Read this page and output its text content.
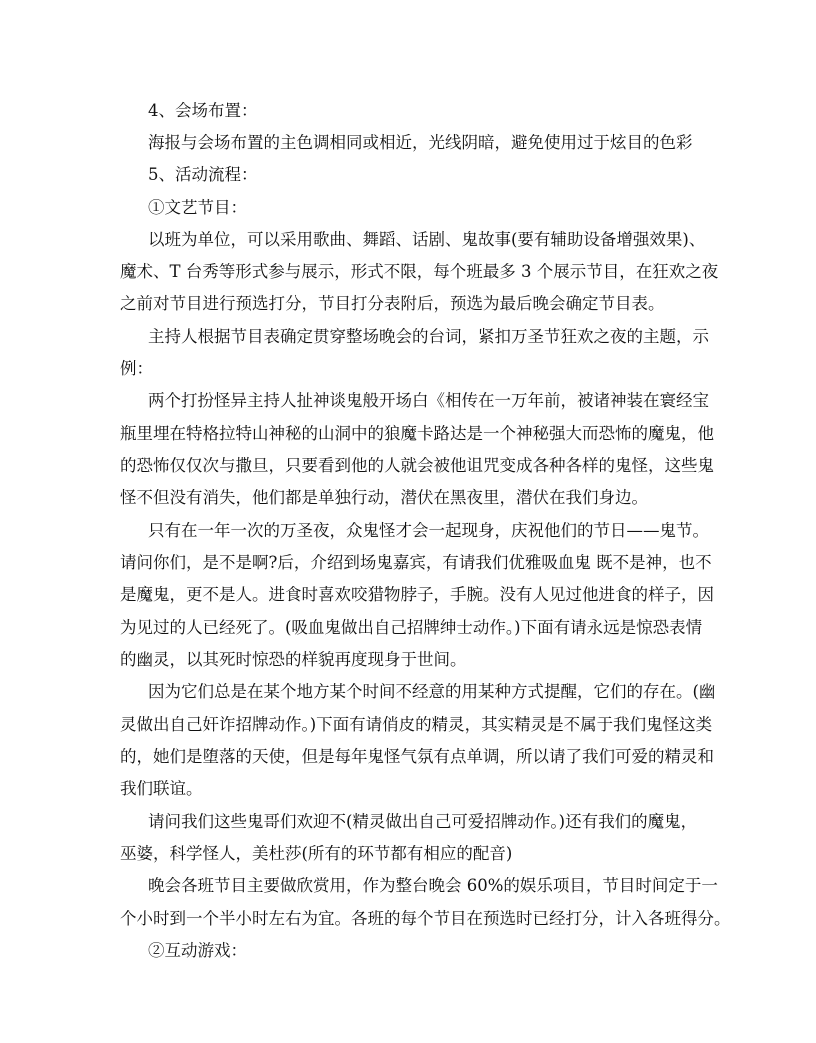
4、会场布置：
海报与会场布置的主色调相同或相近，光线阴暗，避免使用过于炫目的色彩
5、活动流程：
①文艺节目：
以班为单位，可以采用歌曲、舞蹈、话剧、鬼故事(要有辅助设备增强效果)、
魔术、T 台秀等形式参与展示，形式不限，每个班最多 3 个展示节目，在狂欢之夜
之前对节目进行预选打分，节目打分表附后，预选为最后晚会确定节目表。
主持人根据节目表确定贯穿整场晚会的台词，紧扣万圣节狂欢之夜的主题，示
例：
两个打扮怪异主持人扯神谈鬼般开场白《相传在一万年前，被诸神装在寰经宝
瓶里埋在特格拉特山神秘的山洞中的狼魔卡路达是一个神秘强大而恐怖的魔鬼，他
的恐怖仅仅次与撒旦，只要看到他的人就会被他诅咒变成各种各样的鬼怪，这些鬼
怪不但没有消失，他们都是单独行动，潜伏在黑夜里，潜伏在我们身边。
只有在一年一次的万圣夜，众鬼怪才会一起现身，庆祝他们的节日——鬼节。
请问你们，是不是啊?后，介绍到场鬼嘉宾，有请我们优雅吸血鬼 既不是神，也不
是魔鬼，更不是人。进食时喜欢咬猎物脖子，手腕。没有人见过他进食的样子，因
为见过的人已经死了。(吸血鬼做出自己招牌绅士动作。)下面有请永远是惊恐表情
的幽灵，以其死时惊恐的样貌再度现身于世间。
因为它们总是在某个地方某个时间不经意的用某种方式提醒，它们的存在。(幽
灵做出自己奸诈招牌动作。)下面有请俏皮的精灵，其实精灵是不属于我们鬼怪这类
的，她们是堕落的天使，但是每年鬼怪气氛有点单调，所以请了我们可爱的精灵和
我们联谊。
请问我们这些鬼哥们欢迎不(精灵做出自己可爱招牌动作。)还有我们的魔鬼，
巫婆，科学怪人，美杜莎(所有的环节都有相应的配音)
晚会各班节目主要做欣赏用，作为整台晚会 60%的娱乐项目，节目时间定于一
个小时到一个半小时左右为宜。各班的每个节目在预选时已经打分，计入各班得分。
②互动游戏：
